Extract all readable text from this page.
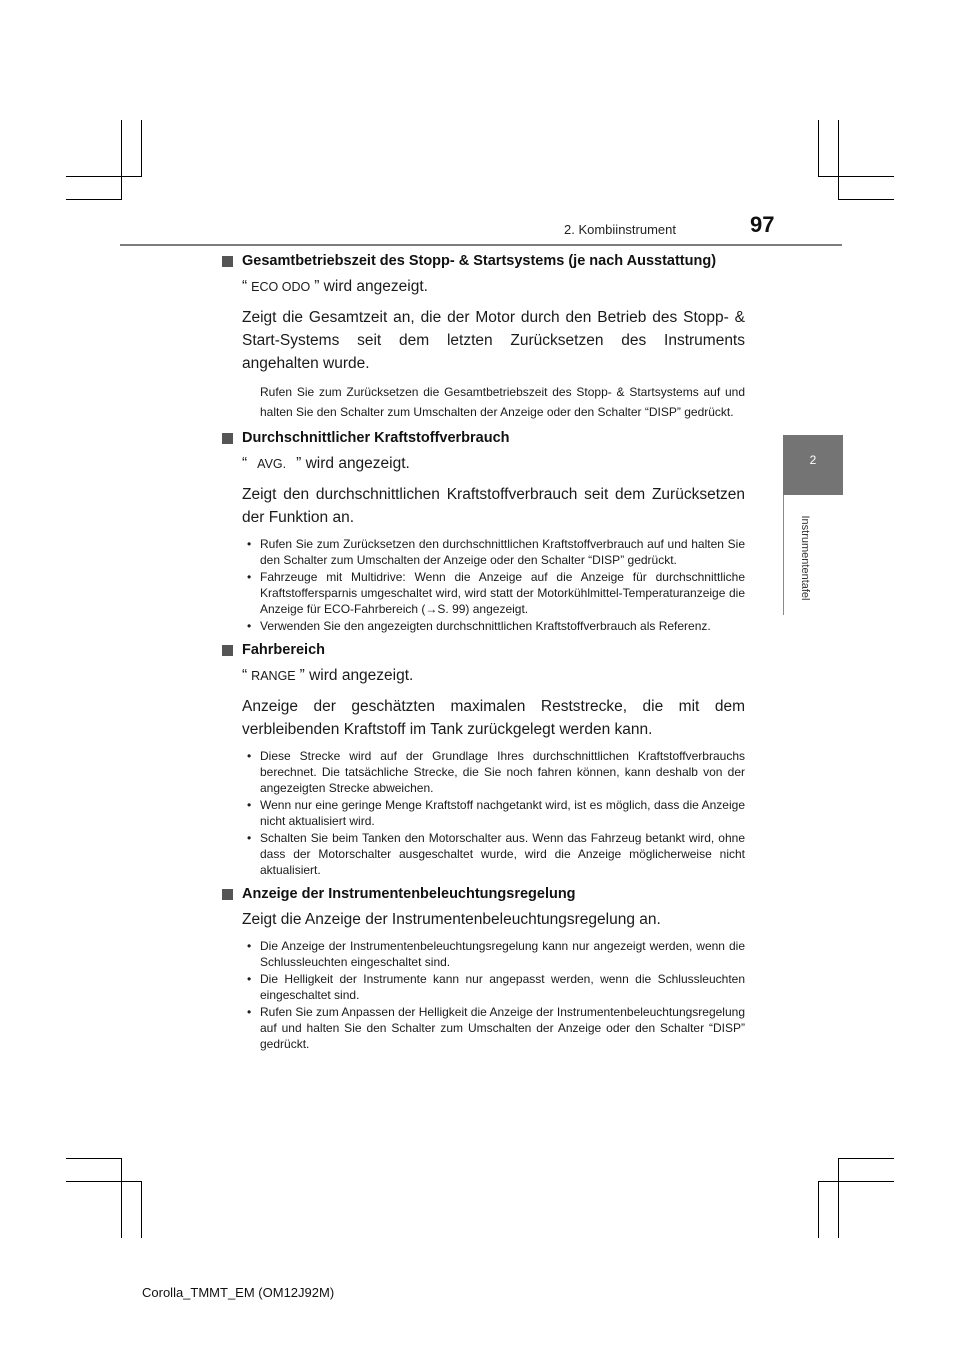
2. Kombiinstrument	97
2
Instrumententafel
Gesamtbetriebszeit des Stopp- & Startsystems (je nach Ausstattung)
“ ECO ODO ” wird angezeigt.
Zeigt die Gesamtzeit an, die der Motor durch den Betrieb des Stopp- & Start-Systems seit dem letzten Zurücksetzen des Instruments angehalten wurde.
Rufen Sie zum Zurücksetzen die Gesamtbetriebszeit des Stopp- & Startsystems auf und halten Sie den Schalter zum Umschalten der Anzeige oder den Schalter “DISP” gedrückt.
Durchschnittlicher Kraftstoffverbrauch
“ AVG. ” wird angezeigt.
Zeigt den durchschnittlichen Kraftstoffverbrauch seit dem Zurücksetzen der Funktion an.
• Rufen Sie zum Zurücksetzen den durchschnittlichen Kraftstoffverbrauch auf und halten Sie den Schalter zum Umschalten der Anzeige oder den Schalter “DISP” gedrückt.
• Fahrzeuge mit Multidrive: Wenn die Anzeige auf die Anzeige für durchschnittliche Kraftstoffersparnis umgeschaltet wird, wird statt der Motorkühlmittel-Temperaturanzeige die Anzeige für ECO-Fahrbereich (→S. 99) angezeigt.
• Verwenden Sie den angezeigten durchschnittlichen Kraftstoffverbrauch als Referenz.
Fahrbereich
“ RANGE ” wird angezeigt.
Anzeige der geschätzten maximalen Reststrecke, die mit dem verbleibenden Kraftstoff im Tank zurückgelegt werden kann.
• Diese Strecke wird auf der Grundlage Ihres durchschnittlichen Kraftstoffverbrauchs berechnet. Die tatsächliche Strecke, die Sie noch fahren können, kann deshalb von der angezeigten Strecke abweichen.
• Wenn nur eine geringe Menge Kraftstoff nachgetankt wird, ist es möglich, dass die Anzeige nicht aktualisiert wird.
• Schalten Sie beim Tanken den Motorschalter aus. Wenn das Fahrzeug betankt wird, ohne dass der Motorschalter ausgeschaltet wurde, wird die Anzeige möglicherweise nicht aktualisiert.
Anzeige der Instrumentenbeleuchtungsregelung
Zeigt die Anzeige der Instrumentenbeleuchtungsregelung an.
• Die Anzeige der Instrumentenbeleuchtungsregelung kann nur angezeigt werden, wenn die Schlussleuchten eingeschaltet sind.
• Die Helligkeit der Instrumente kann nur angepasst werden, wenn die Schlussleuchten eingeschaltet sind.
• Rufen Sie zum Anpassen der Helligkeit die Anzeige der Instrumentenbeleuchtungsregelung auf und halten Sie den Schalter zum Umschalten der Anzeige oder den Schalter “DISP” gedrückt.
Corolla_TMMT_EM (OM12J92M)
